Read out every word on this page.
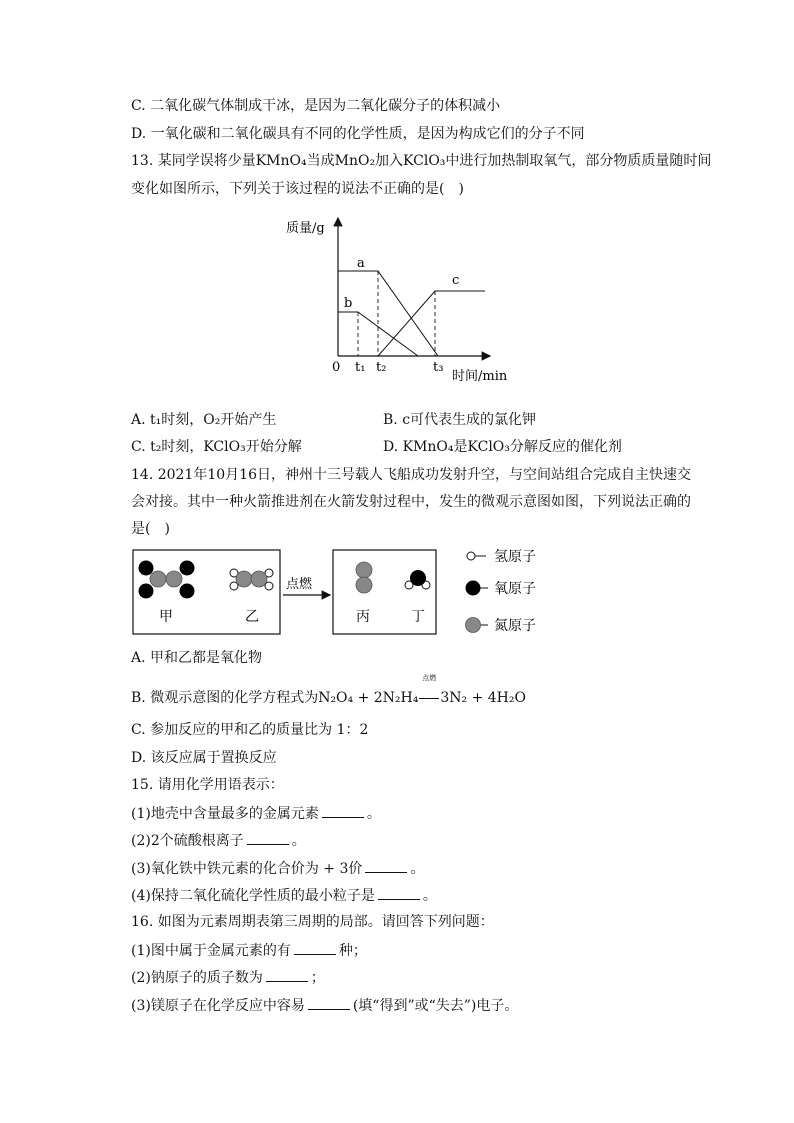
C. 二氧化碳气体制成干冰，是因为二氧化碳分子的体积减小
D. 一氧化碳和二氧化碳具有不同的化学性质，是因为构成它们的分子不同
13. 某同学误将少量KMnO₄当成MnO₂加入KClO₃中进行加热制取氧气，部分物质质量随时间
变化如图所示，下列关于该过程的说法不正确的是(　)
质量/g
时间/min
0 t₁ t₂	t₃
a
b
c
A. t₁时刻，O₂开始产生	B. c可代表生成的氯化钾
C. t₂时刻，KClO₃开始分解	D. KMnO₄是KClO₃分解反应的催化剂
14. 2021年10月16日，神州十三号载人飞船成功发射升空，与空间站组合完成自主快速交
会对接。其中一种火箭推进剂在火箭发射过程中，发生的微观示意图如图，下列说法正确的
是(　)
甲	乙
点燃
丙	丁
氢原子
氧原子
氮原子
A. 甲和乙都是氧化物
B. 微观示意图的化学方程式为N₂O₄ + 2N₂H₄
点燃
3N₂ + 4H₂O
C. 参加反应的甲和乙的质量比为 1：2
D. 该反应属于置换反应
15. 请用化学用语表示：
(1)地壳中含量最多的金属元素	。
(2)2个硫酸根离子	。
(3)氧化铁中铁元素的化合价为 + 3价	。
(4)保持二氧化硫化学性质的最小粒子是	。
16. 如图为元素周期表第三周期的局部。请回答下列问题：
(1)图中属于金属元素的有	种；
(2)钠原子的质子数为	；
(3)镁原子在化学反应中容易	(填“得到”或“失去”)电子。
